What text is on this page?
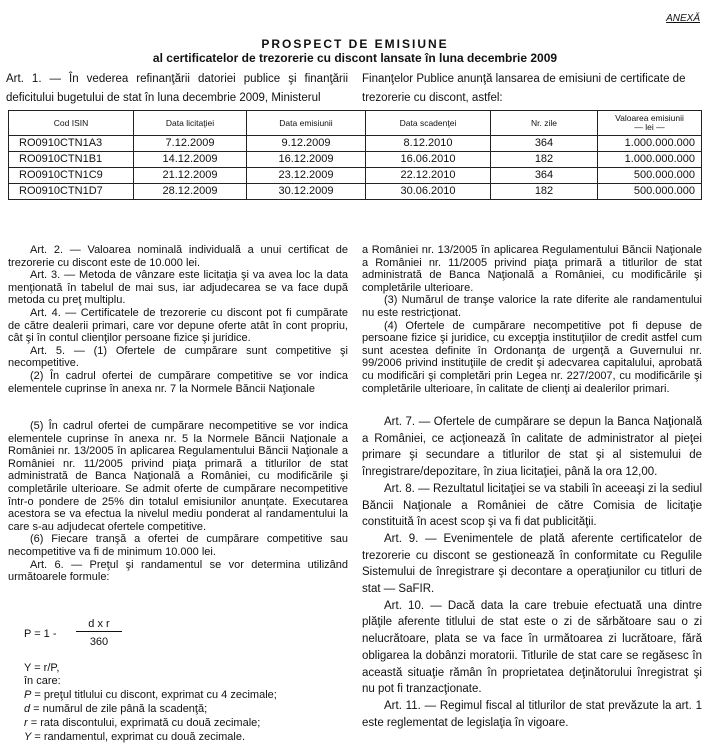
ANEXĂ
PROSPECT DE EMISIUNE
al certificatelor de trezorerie cu discont lansate în luna decembrie 2009
Art. 1. — În vederea refinanţării datoriei publice şi finanţării
deficitului bugetului de stat în luna decembrie 2009, Ministerul
Finanţelor Publice anunţă lansarea de emisiuni de certificate de trezorerie cu discont, astfel:
Cod ISIN	Data licitaţiei	Data emisiunii	Data scadenţei	Nr. zile	Valoarea emisiunii
— lei —
RO0910CTN1A3	7.12.2009	9.12.2009	8.12.2010	364	1.000.000.000
RO0910CTN1B1	14.12.2009	16.12.2009	16.06.2010	182	1.000.000.000
RO0910CTN1C9	21.12.2009	23.12.2009	22.12.2010	364	500.000.000
RO0910CTN1D7	28.12.2009	30.12.2009	30.06.2010	182	500.000.000

Art. 2. — Valoarea nominală individuală a unui certificat de trezorerie cu discont este de 10.000 lei.

Art. 3. — Metoda de vânzare este licitaţia şi va avea loc la data menţionată în tabelul de mai sus, iar adjudecarea se va face după metoda cu preţ multiplu.

Art. 4. — Certificatele de trezorerie cu discont pot fi cumpărate de către dealerii primari, care vor depune oferte atât în cont propriu, cât şi în contul clienţilor persoane fizice şi juridice.

Art. 5. — (1) Ofertele de cumpărare sunt competitive şi necompetitive.

(2) În cadrul ofertei de cumpărare competitive se vor indica elementele cuprinse în anexa nr. 7 la Normele Băncii Naţionale

a României nr. 13/2005 în aplicarea Regulamentului Băncii Naţionale a României nr. 11/2005 privind piaţa primară a titlurilor de stat administrată de Banca Naţională a României, cu modificările şi completările ulterioare.

(3) Numărul de tranşe valorice la rate diferite ale randamentului nu este restricţionat.

(4) Ofertele de cumpărare necompetitive pot fi depuse de persoane fizice şi juridice, cu excepţia instituţiilor de credit astfel cum sunt acestea definite în Ordonanţa de urgenţă a Guvernului nr. 99/2006 privind instituţiile de credit şi adecvarea capitalului, aprobată cu modificări şi completări prin Legea nr. 227/2007, cu modificările şi completările ulterioare, în calitate de clienţi ai dealerilor primari.

(5) În cadrul ofertei de cumpărare necompetitive se vor indica elementele cuprinse în anexa nr. 5 la Normele Băncii Naţionale a României nr. 13/2005 în aplicarea Regulamentului Băncii Naţionale a României nr. 11/2005 privind piaţa primară a titlurilor de stat administrată de Banca Naţională a României, cu modificările şi completările ulterioare. Se admit oferte de cumpărare necompetitive într-o pondere de 25% din totalul emisiunilor anunţate. Executarea acestora se va efectua la nivelul mediu ponderat al randamentului la care s-au adjudecat ofertele competitive.

(6) Fiecare tranşă a ofertei de cumpărare competitive sau necompetitive va fi de minimum 10.000 lei.

Art. 6. — Preţul şi randamentul se vor determina utilizând următoarele formule:

P = 1 -
d x r
360
Y = r/P,
în care:
P = preţul titlului cu discont, exprimat cu 4 zecimale;
d = numărul de zile până la scadenţă;
r = rata discontului, exprimată cu două zecimale;
Y = randamentul, exprimat cu două zecimale.

Art. 7. — Ofertele de cumpărare se depun la Banca Naţională a României, ce acţionează în calitate de administrator al pieţei primare şi secundare a titlurilor de stat şi al sistemului de înregistrare/depozitare, în ziua licitaţiei, până la ora 12,00.

Art. 8. — Rezultatul licitaţiei se va stabili în aceeaşi zi la sediul Băncii Naţionale a României de către Comisia de licitaţie constituită în acest scop şi va fi dat publicităţii.

Art. 9. — Evenimentele de plată aferente certificatelor de trezorerie cu discont se gestionează în conformitate cu Regulile Sistemului de înregistrare şi decontare a operaţiunilor cu titluri de stat — SaFIR.

Art. 10. — Dacă data la care trebuie efectuată una dintre plăţile aferente titlului de stat este o zi de sărbătoare sau o zi nelucrătoare, plata se va face în următoarea zi lucrătoare, fără obligarea la dobânzi moratorii. Titlurile de stat care se regăsesc în această situaţie rămân în proprietatea deţinătorului înregistrat şi nu pot fi tranzacţionate.

Art. 11. — Regimul fiscal al titlurilor de stat prevăzute la art. 1 este reglementat de legislaţia în vigoare.
